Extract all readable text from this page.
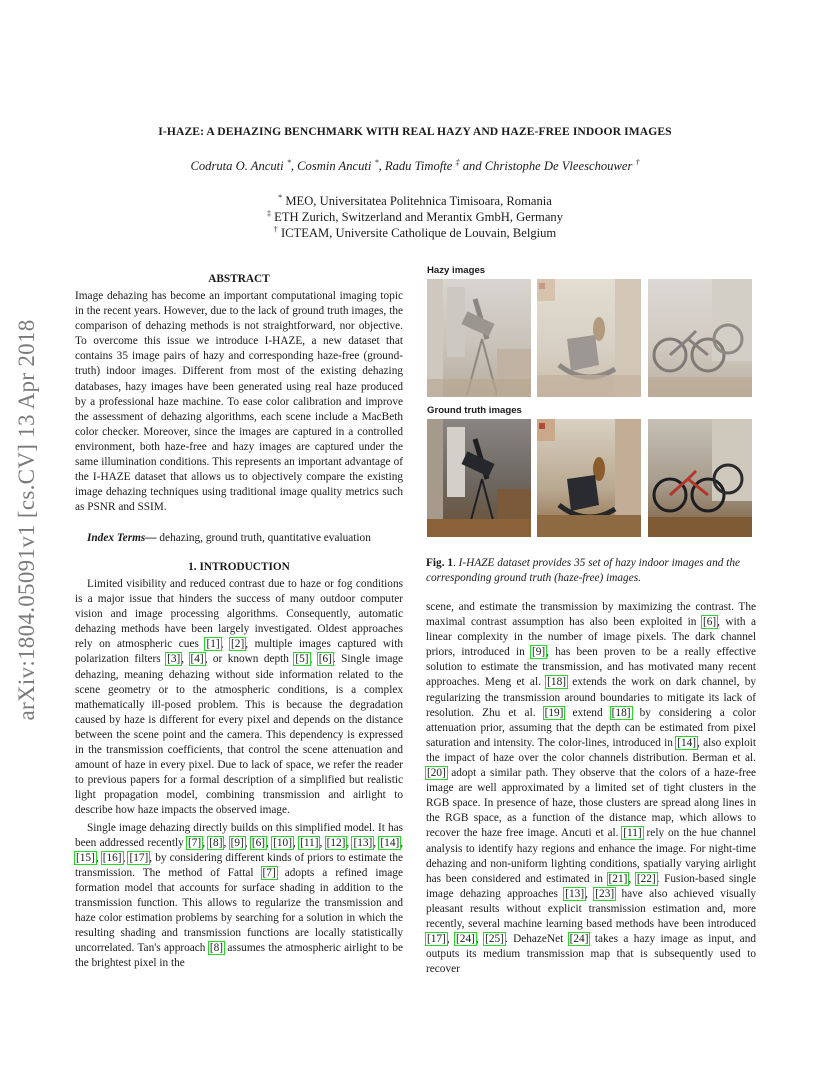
arXiv:1804.05091v1 [cs.CV] 13 Apr 2018
I-HAZE: A DEHAZING BENCHMARK WITH REAL HAZY AND HAZE-FREE INDOOR IMAGES
Codruta O. Ancuti *, Cosmin Ancuti *, Radu Timofte ‡ and Christophe De Vleeschouwer †
* MEO, Universitatea Politehnica Timisoara, Romania
‡ ETH Zurich, Switzerland and Merantix GmbH, Germany
† ICTEAM, Universite Catholique de Louvain, Belgium
ABSTRACT

Image dehazing has become an important computational imaging topic in the recent years. However, due to the lack of ground truth images, the comparison of dehazing methods is not straightforward, nor objective. To overcome this issue we introduce I-HAZE, a new dataset that contains 35 image pairs of hazy and corresponding haze-free (ground-truth) indoor images. Different from most of the existing dehazing databases, hazy images have been generated using real haze produced by a professional haze machine. To ease color calibration and improve the assessment of dehazing algorithms, each scene include a MacBeth color checker. Moreover, since the images are captured in a controlled environment, both haze-free and hazy images are captured under the same illumination conditions. This represents an important advantage of the I-HAZE dataset that allows us to objectively compare the existing image dehazing techniques using traditional image quality metrics such as PSNR and SSIM.

Index Terms— dehazing, ground truth, quantitative evaluation
1. INTRODUCTION

Limited visibility and reduced contrast due to haze or fog conditions is a major issue that hinders the success of many outdoor computer vision and image processing algorithms. Consequently, automatic dehazing methods have been largely investigated. Oldest approaches rely on atmospheric cues [1], [2], multiple images captured with polarization filters [3], [4], or known depth [5], [6]. Single image dehazing, meaning dehazing without side information related to the scene geometry or to the atmospheric conditions, is a complex mathematically ill-posed problem. This is because the degradation caused by haze is different for every pixel and depends on the distance between the scene point and the camera. This dependency is expressed in the transmission coefficients, that control the scene attenuation and amount of haze in every pixel. Due to lack of space, we refer the reader to previous papers for a formal description of a simplified but realistic light propagation model, combining transmission and airlight to describe how haze impacts the observed image.

Single image dehazing directly builds on this simplified model. It has been addressed recently [7], [8], [9], [6], [10], [11], [12], [13], [14], [15], [16], [17], by considering different kinds of priors to estimate the transmission. The method of Fattal [7] adopts a refined image formation model that accounts for surface shading in addition to the transmission function. This allows to regularize the transmission and haze color estimation problems by searching for a solution in which the resulting shading and transmission functions are locally statistically uncorrelated. Tan's approach [8] assumes the atmospheric airlight to be the brightest pixel in the

Hazy images
Ground truth images
Fig. 1. I-HAZE dataset provides 35 set of hazy indoor images and the corresponding ground truth (haze-free) images.

scene, and estimate the transmission by maximizing the contrast. The maximal contrast assumption has also been exploited in [6], with a linear complexity in the number of image pixels. The dark channel priors, introduced in [9], has been proven to be a really effective solution to estimate the transmission, and has motivated many recent approaches. Meng et al. [18] extends the work on dark channel, by regularizing the transmission around boundaries to mitigate its lack of resolution. Zhu et al. [19] extend [18] by considering a color attenuation prior, assuming that the depth can be estimated from pixel saturation and intensity. The color-lines, introduced in [14], also exploit the impact of haze over the color channels distribution. Berman et al. [20] adopt a similar path. They observe that the colors of a haze-free image are well approximated by a limited set of tight clusters in the RGB space. In presence of haze, those clusters are spread along lines in the RGB space, as a function of the distance map, which allows to recover the haze free image. Ancuti et al. [11] rely on the hue channel analysis to identify hazy regions and enhance the image. For night-time dehazing and non-uniform lighting conditions, spatially varying airlight has been considered and estimated in [21], [22]. Fusion-based single image dehazing approaches [13], [23] have also achieved visually pleasant results without explicit transmission estimation and, more recently, several machine learning based methods have been introduced [17], [24], [25]. DehazeNet [24] takes a hazy image as input, and outputs its medium transmission map that is subsequently used to recover
